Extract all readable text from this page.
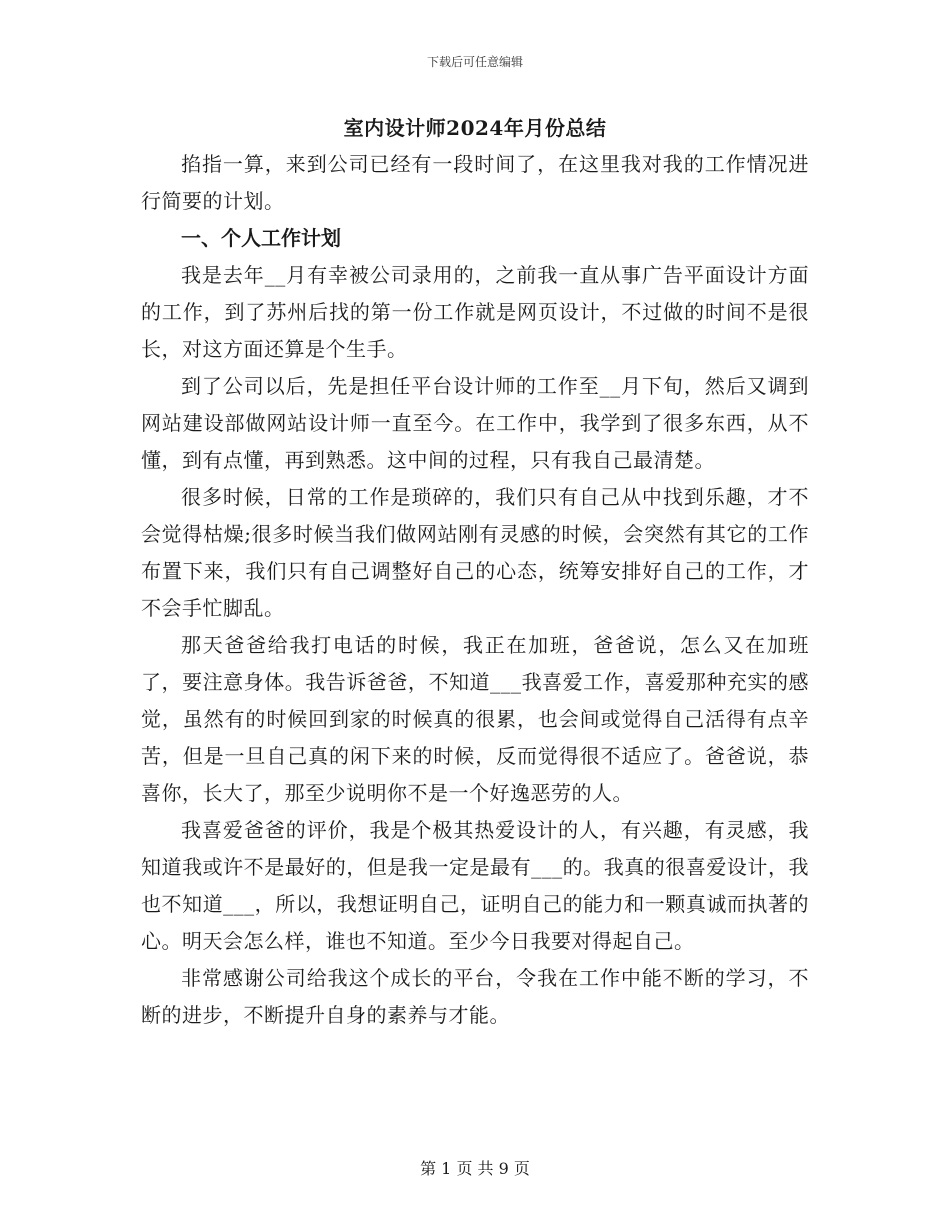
下载后可任意编辑
室内设计师2024年月份总结

掐指一算，来到公司已经有一段时间了，在这里我对我的工作情况进行简要的计划。

一、个人工作计划

我是去年__月有幸被公司录用的，之前我一直从事广告平面设计方面的工作，到了苏州后找的第一份工作就是网页设计，不过做的时间不是很长，对这方面还算是个生手。

到了公司以后，先是担任平台设计师的工作至__月下旬，然后又调到网站建设部做网站设计师一直至今。在工作中，我学到了很多东西，从不懂，到有点懂，再到熟悉。这中间的过程，只有我自己最清楚。

很多时候，日常的工作是琐碎的，我们只有自己从中找到乐趣，才不会觉得枯燥;很多时候当我们做网站刚有灵感的时候，会突然有其它的工作布置下来，我们只有自己调整好自己的心态，统筹安排好自己的工作，才不会手忙脚乱。

那天爸爸给我打电话的时候，我正在加班，爸爸说，怎么又在加班了，要注意身体。我告诉爸爸，不知道___我喜爱工作，喜爱那种充实的感觉，虽然有的时候回到家的时候真的很累，也会间或觉得自己活得有点辛苦，但是一旦自己真的闲下来的时候，反而觉得很不适应了。爸爸说，恭喜你，长大了，那至少说明你不是一个好逸恶劳的人。

我喜爱爸爸的评价，我是个极其热爱设计的人，有兴趣，有灵感，我知道我或许不是最好的，但是我一定是最有___的。我真的很喜爱设计，我也不知道___，所以，我想证明自己，证明自己的能力和一颗真诚而执著的心。明天会怎么样，谁也不知道。至少今日我要对得起自己。

非常感谢公司给我这个成长的平台，令我在工作中能不断的学习，不断的进步，不断提升自身的素养与才能。

第 1 页 共 9 页
